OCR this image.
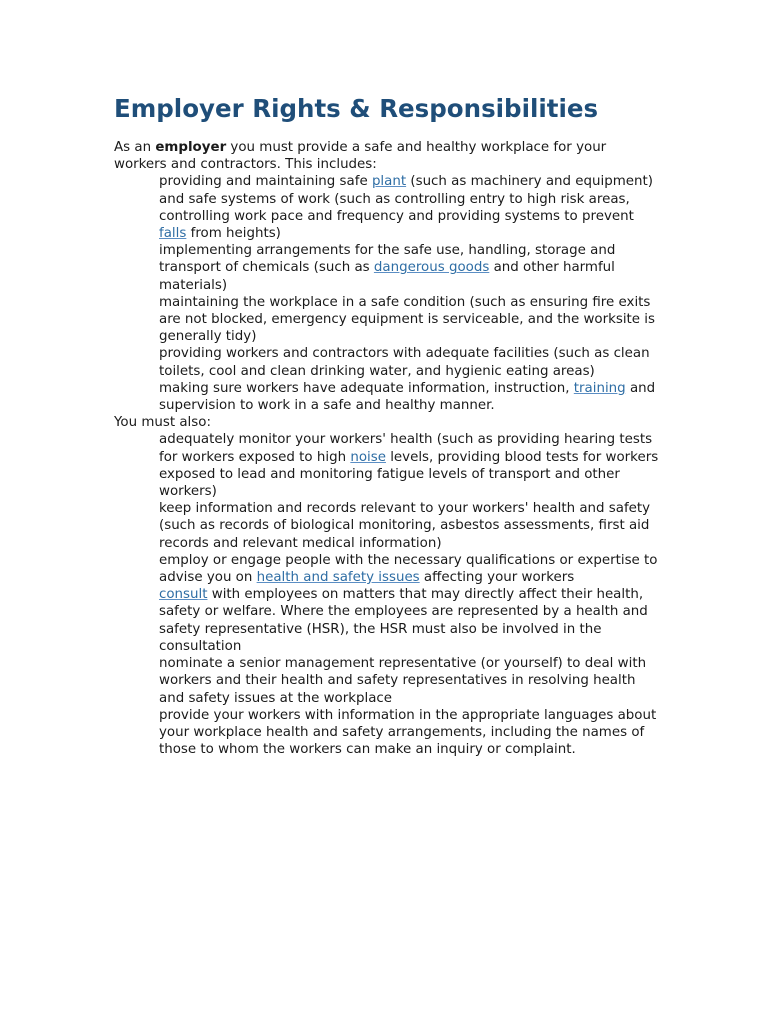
Employer Rights & Responsibilities

As an employer you must provide a safe and healthy workplace for your workers and contractors. This includes:

providing and maintaining safe plant (such as machinery and equipment) and safe systems of work (such as controlling entry to high risk areas, controlling work pace and frequency and providing systems to prevent falls from heights)
implementing arrangements for the safe use, handling, storage and transport of chemicals (such as dangerous goods and other harmful materials)
maintaining the workplace in a safe condition (such as ensuring fire exits are not blocked, emergency equipment is serviceable, and the worksite is generally tidy)
providing workers and contractors with adequate facilities (such as clean toilets, cool and clean drinking water, and hygienic eating areas)
making sure workers have adequate information, instruction, training and supervision to work in a safe and healthy manner.

You must also:

adequately monitor your workers' health (such as providing hearing tests for workers exposed to high noise levels, providing blood tests for workers exposed to lead and monitoring fatigue levels of transport and other workers)
keep information and records relevant to your workers' health and safety (such as records of biological monitoring, asbestos assessments, first aid records and relevant medical information)
employ or engage people with the necessary qualifications or expertise to advise you on health and safety issues affecting your workers
consult with employees on matters that may directly affect their health, safety or welfare. Where the employees are represented by a health and safety representative (HSR), the HSR must also be involved in the consultation
nominate a senior management representative (or yourself) to deal with workers and their health and safety representatives in resolving health and safety issues at the workplace
provide your workers with information in the appropriate languages about your workplace health and safety arrangements, including the names of those to whom the workers can make an inquiry or complaint.
